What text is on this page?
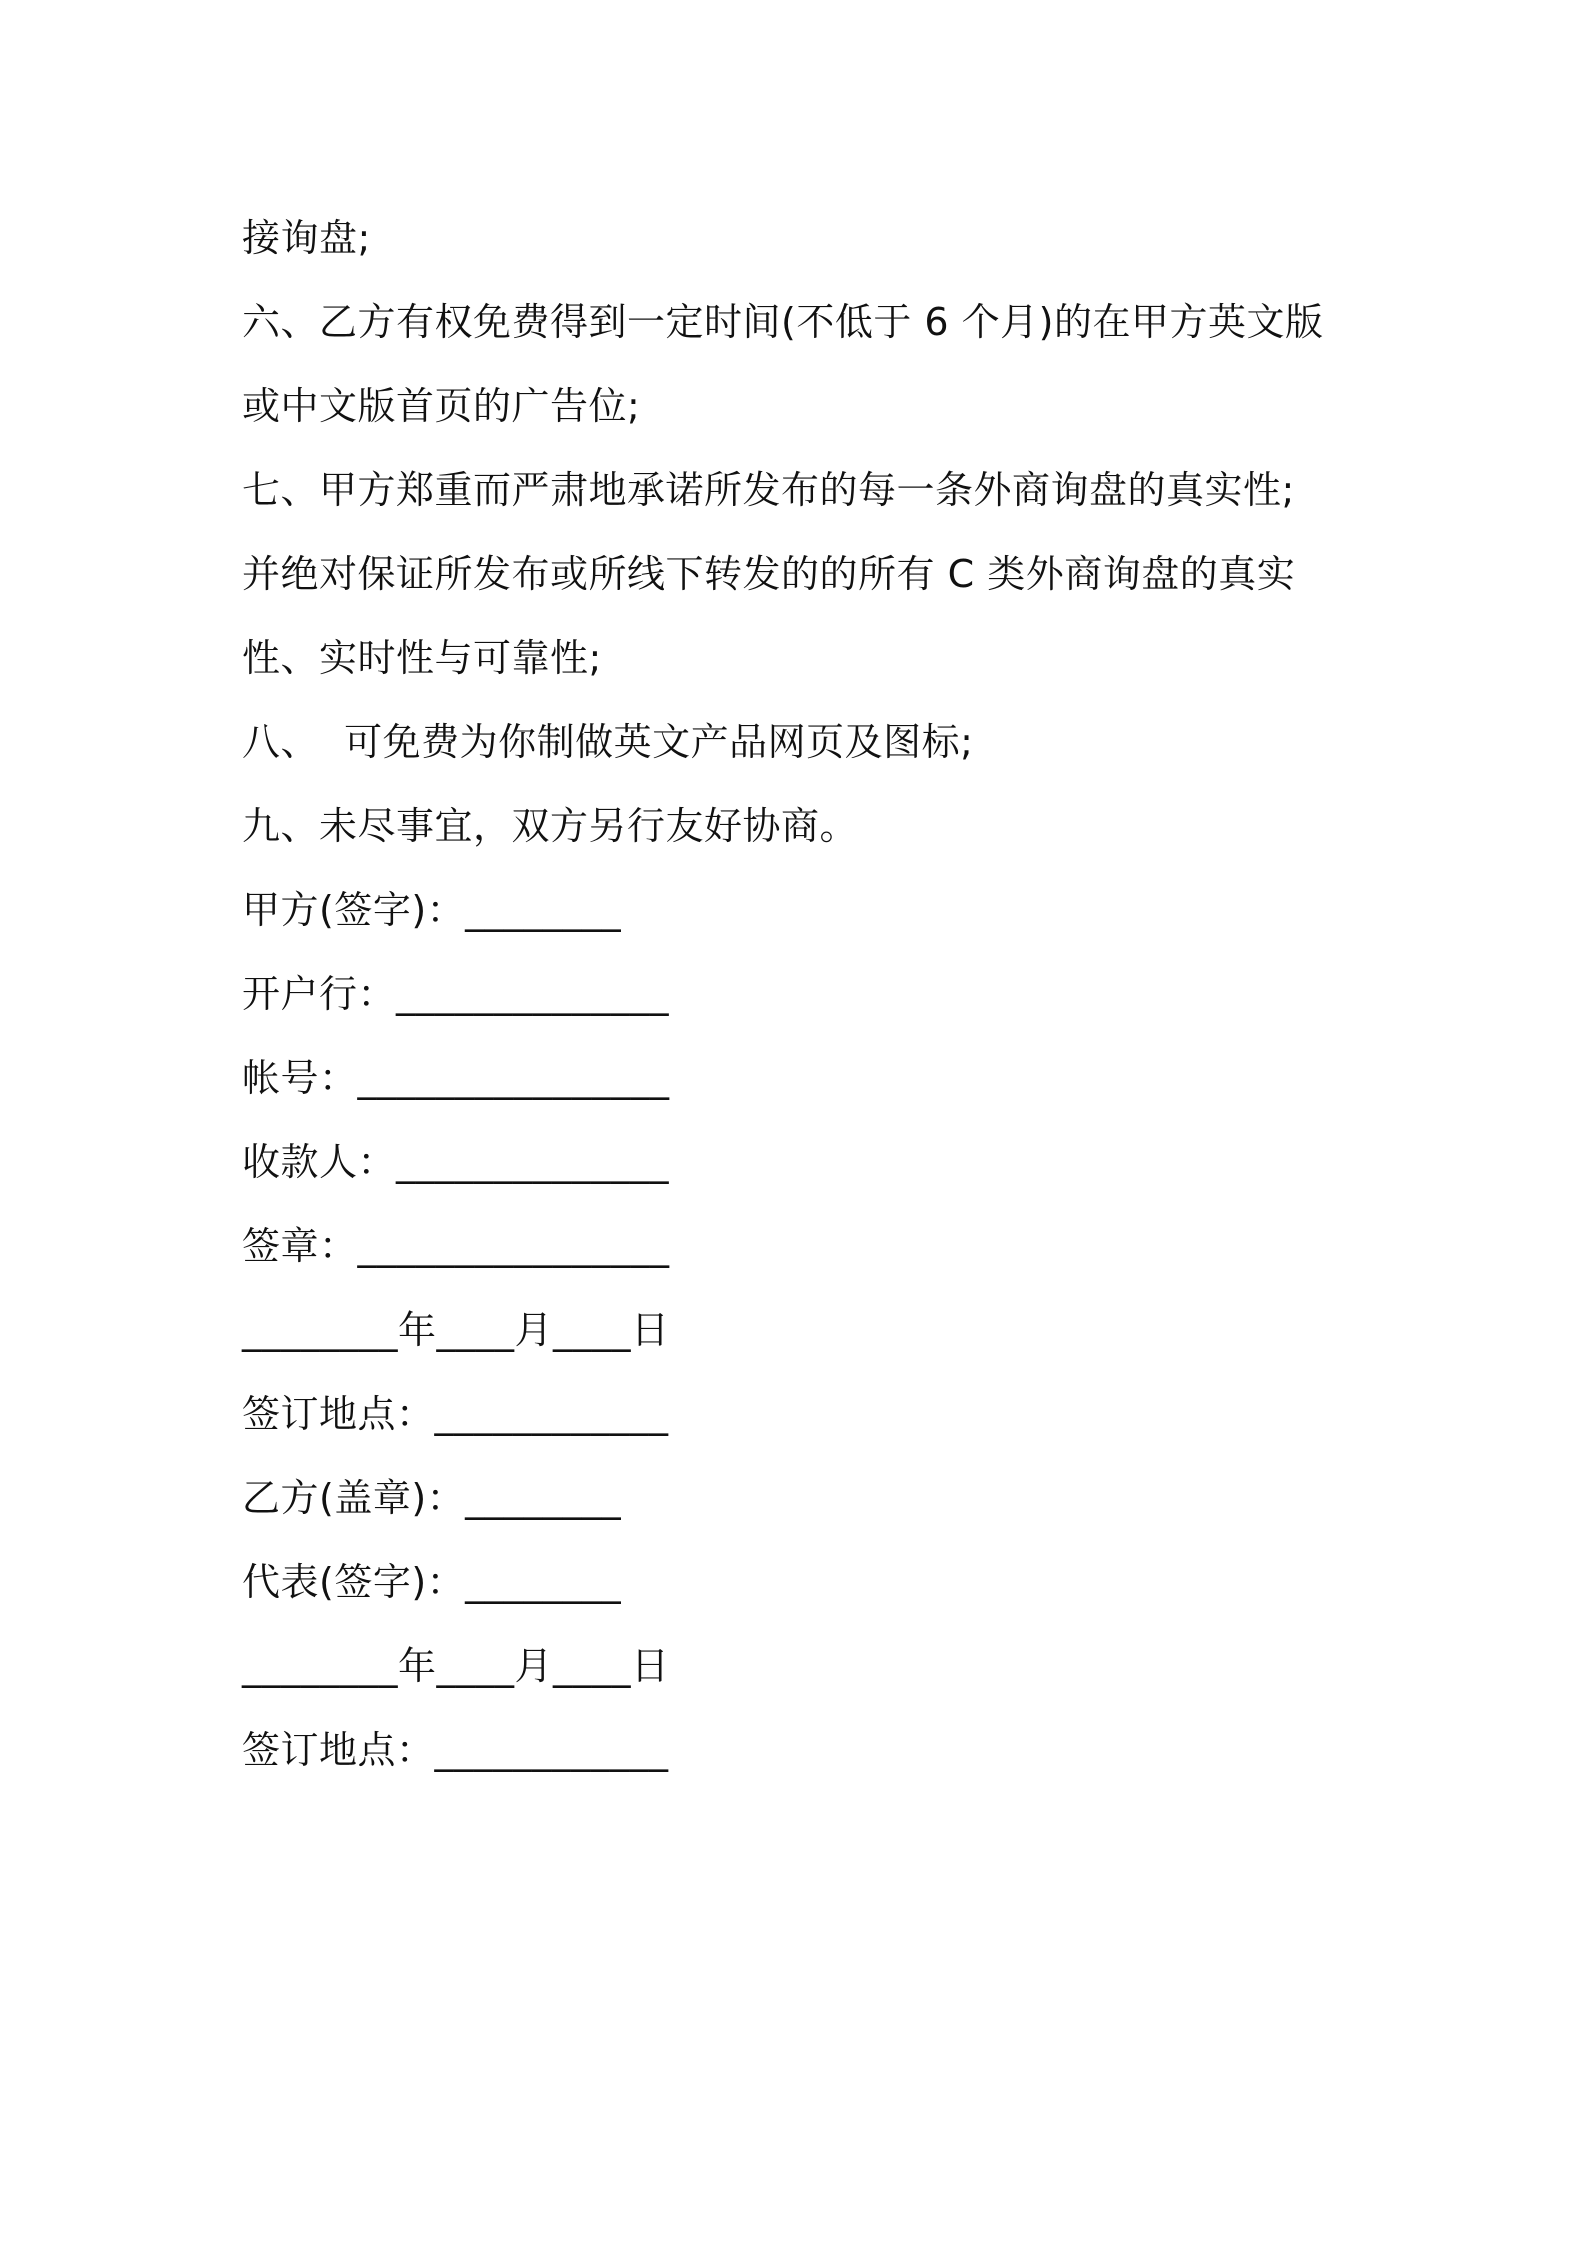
接询盘;
六、乙方有权免费得到一定时间(不低于 6 个月)的在甲方英文版
或中文版首页的广告位;
七、甲方郑重而严肃地承诺所发布的每一条外商询盘的真实性;
并绝对保证所发布或所线下转发的的所有 C 类外商询盘的真实
性、实时性与可靠性;
八、  可免费为你制做英文产品网页及图标;
九、未尽事宜，双方另行友好协商。
甲方(签字)：________
开户行：______________
帐号：________________
收款人：______________
签章：________________
________年____月____日
签订地点：____________
乙方(盖章)：________
代表(签字)：________
________年____月____日
签订地点：____________
